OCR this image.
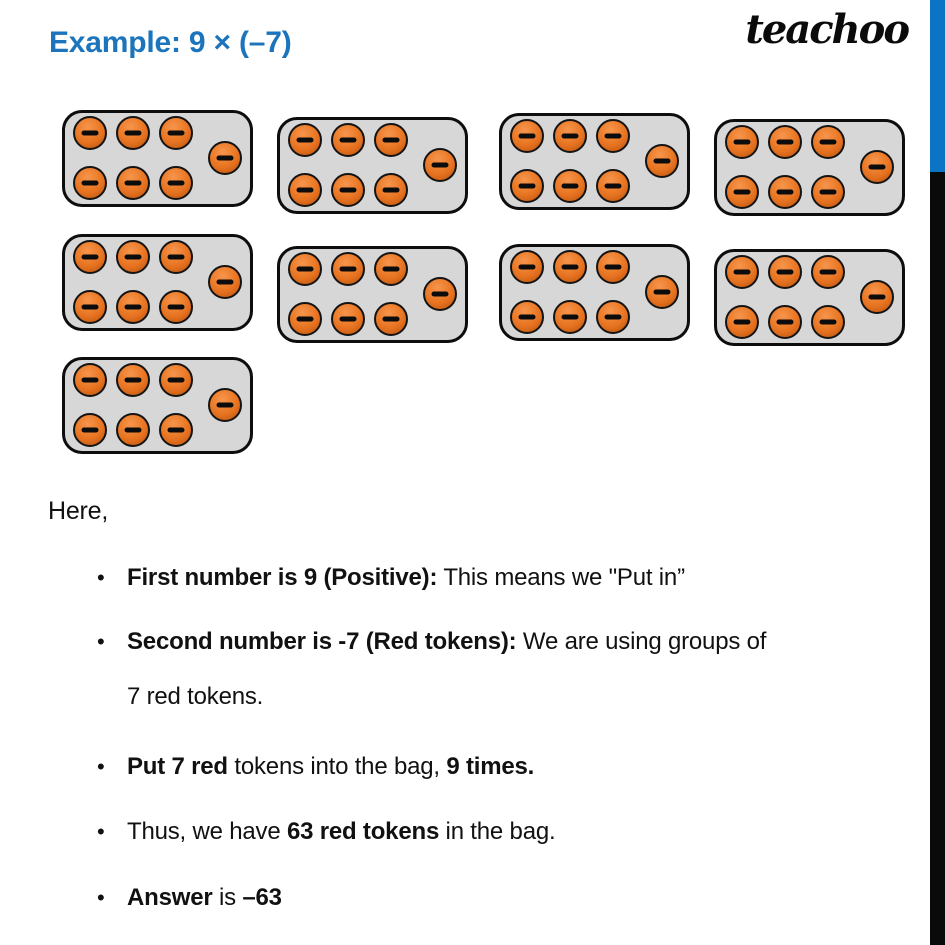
Example: 9 × (–7)	teachoo
Here,
• First number is 9 (Positive): This means we "Put in”
• Second number is -7 (Red tokens): We are using groups of
7 red tokens.
• Put 7 red tokens into the bag, 9 times.
• Thus, we have 63 red tokens in the bag.
• Answer is –63
